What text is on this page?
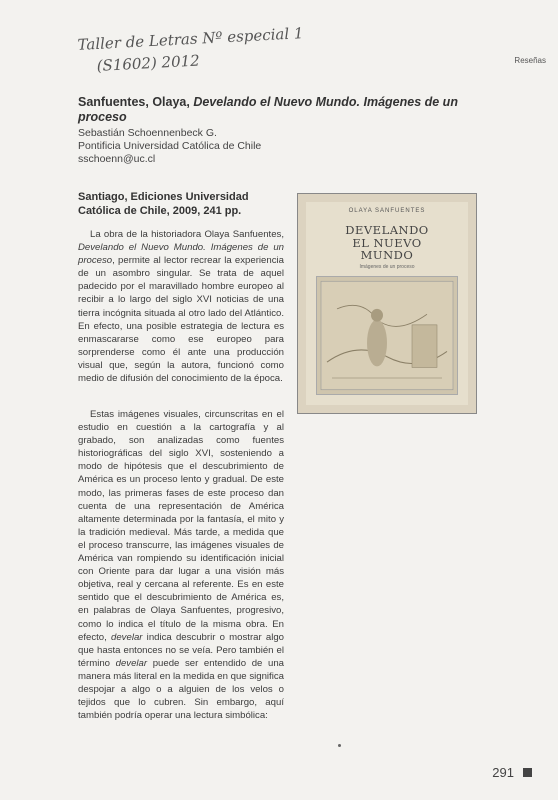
Taller de Letras Nº especial 1
(S1602) 2012	Reseñas
Sanfuentes, Olaya, Develando el Nuevo Mundo. Imágenes de un proceso
Sebastián Schoennenbeck G.
Pontificia Universidad Católica de Chile
sschoenn@uc.cl
Santiago, Ediciones Universidad
Católica de Chile, 2009, 241 pp.	OLAYA SANFUENTES
DEVELANDO
EL NUEVO
MUNDO
Imágenes de un proceso

La obra de la historiadora Olaya Sanfuentes, Develando el Nuevo Mundo. Imágenes de un proceso, permite al lector recrear la experiencia de un asombro singular. Se trata de aquel padecido por el maravillado hombre europeo al recibir a lo largo del siglo XVI noticias de una tierra incógnita situada al otro lado del Atlántico. En efecto, una posible estrategia de lectura es enmascararse como ese europeo para sorprenderse como él ante una producción visual que, según la autora, funcionó como medio de difusión del conocimiento de la época.

Estas imágenes visuales, circunscritas en el estudio en cuestión a la cartografía y al grabado, son analizadas como fuentes historiográficas del siglo XVI, sosteniendo a modo de hipótesis que el descubrimiento de América es un proceso lento y gradual. De este modo, las primeras fases de este proceso dan cuenta de una representación de América altamente determinada por la fantasía, el mito y la tradición medieval. Más tarde, a medida que el proceso transcurre, las imágenes visuales de América van rompiendo su identificación inicial con Oriente para dar lugar a una visión más objetiva, real y cercana al referente. Es en este sentido que el descubrimiento de América es, en palabras de Olaya Sanfuentes, progresivo, como lo indica el título de la misma obra. En efecto, develar indica descubrir o mostrar algo que hasta entonces no se veía. Pero también el término develar puede ser entendido de una manera más literal en la medida en que significa despojar a algo o a alguien de los velos o tejidos que lo cubren. Sin embargo, aquí también podría operar una lectura simbólica:

291
